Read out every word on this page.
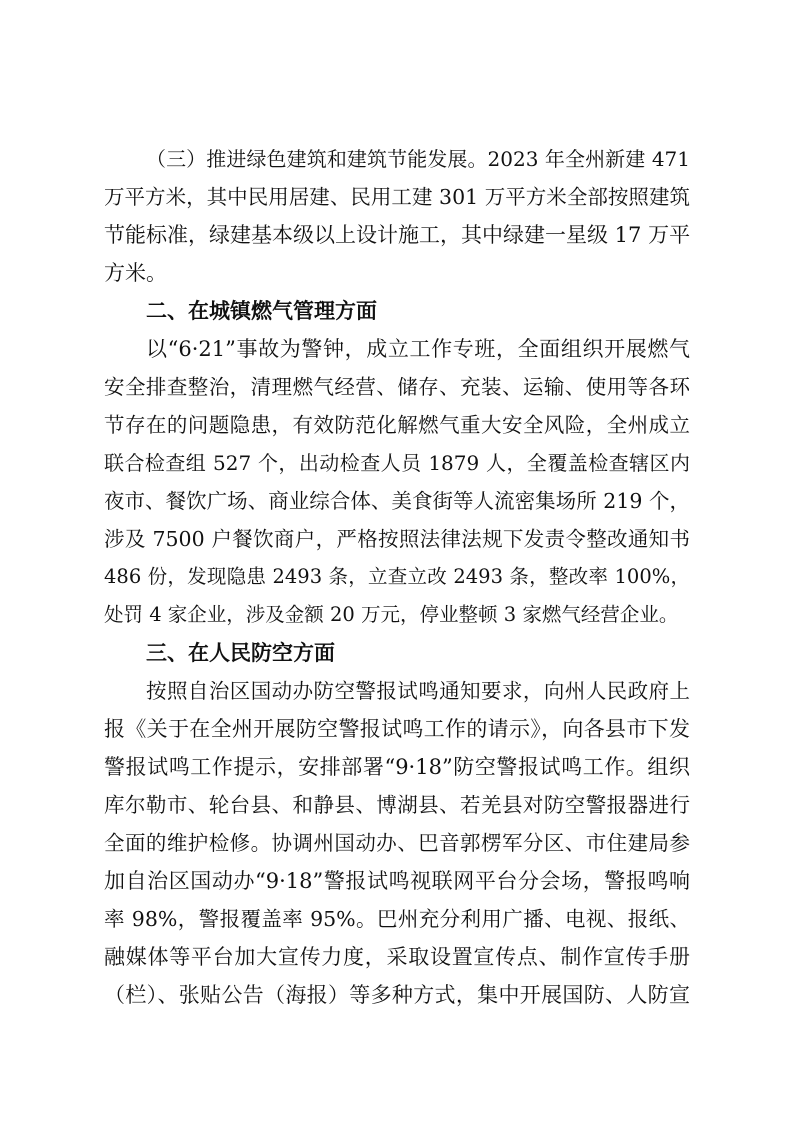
（三）推进绿色建筑和建筑节能发展。2023 年全州新建 471
万平方米，其中民用居建、民用工建 301 万平方米全部按照建筑
节能标准，绿建基本级以上设计施工，其中绿建一星级 17 万平
方米。
二、在城镇燃气管理方面
以“6·21”事故为警钟，成立工作专班，全面组织开展燃气
安全排查整治，清理燃气经营、储存、充装、运输、使用等各环
节存在的问题隐患，有效防范化解燃气重大安全风险，全州成立
联合检查组 527 个，出动检查人员 1879 人，全覆盖检查辖区内
夜市、餐饮广场、商业综合体、美食街等人流密集场所 219 个，
涉及 7500 户餐饮商户，严格按照法律法规下发责令整改通知书
486 份，发现隐患 2493 条，立查立改 2493 条，整改率 100%，
处罚 4 家企业，涉及金额 20 万元，停业整顿 3 家燃气经营企业。
三、在人民防空方面
按照自治区国动办防空警报试鸣通知要求，向州人民政府上
报《关于在全州开展防空警报试鸣工作的请示》，向各县市下发
警报试鸣工作提示，安排部署“9·18”防空警报试鸣工作。组织
库尔勒市、轮台县、和静县、博湖县、若羌县对防空警报器进行
全面的维护检修。协调州国动办、巴音郭楞军分区、市住建局参
加自治区国动办“9·18”警报试鸣视联网平台分会场，警报鸣响
率 98%，警报覆盖率 95%。巴州充分利用广播、电视、报纸、
融媒体等平台加大宣传力度，采取设置宣传点、制作宣传手册
（栏）、张贴公告（海报）等多种方式，集中开展国防、人防宣
